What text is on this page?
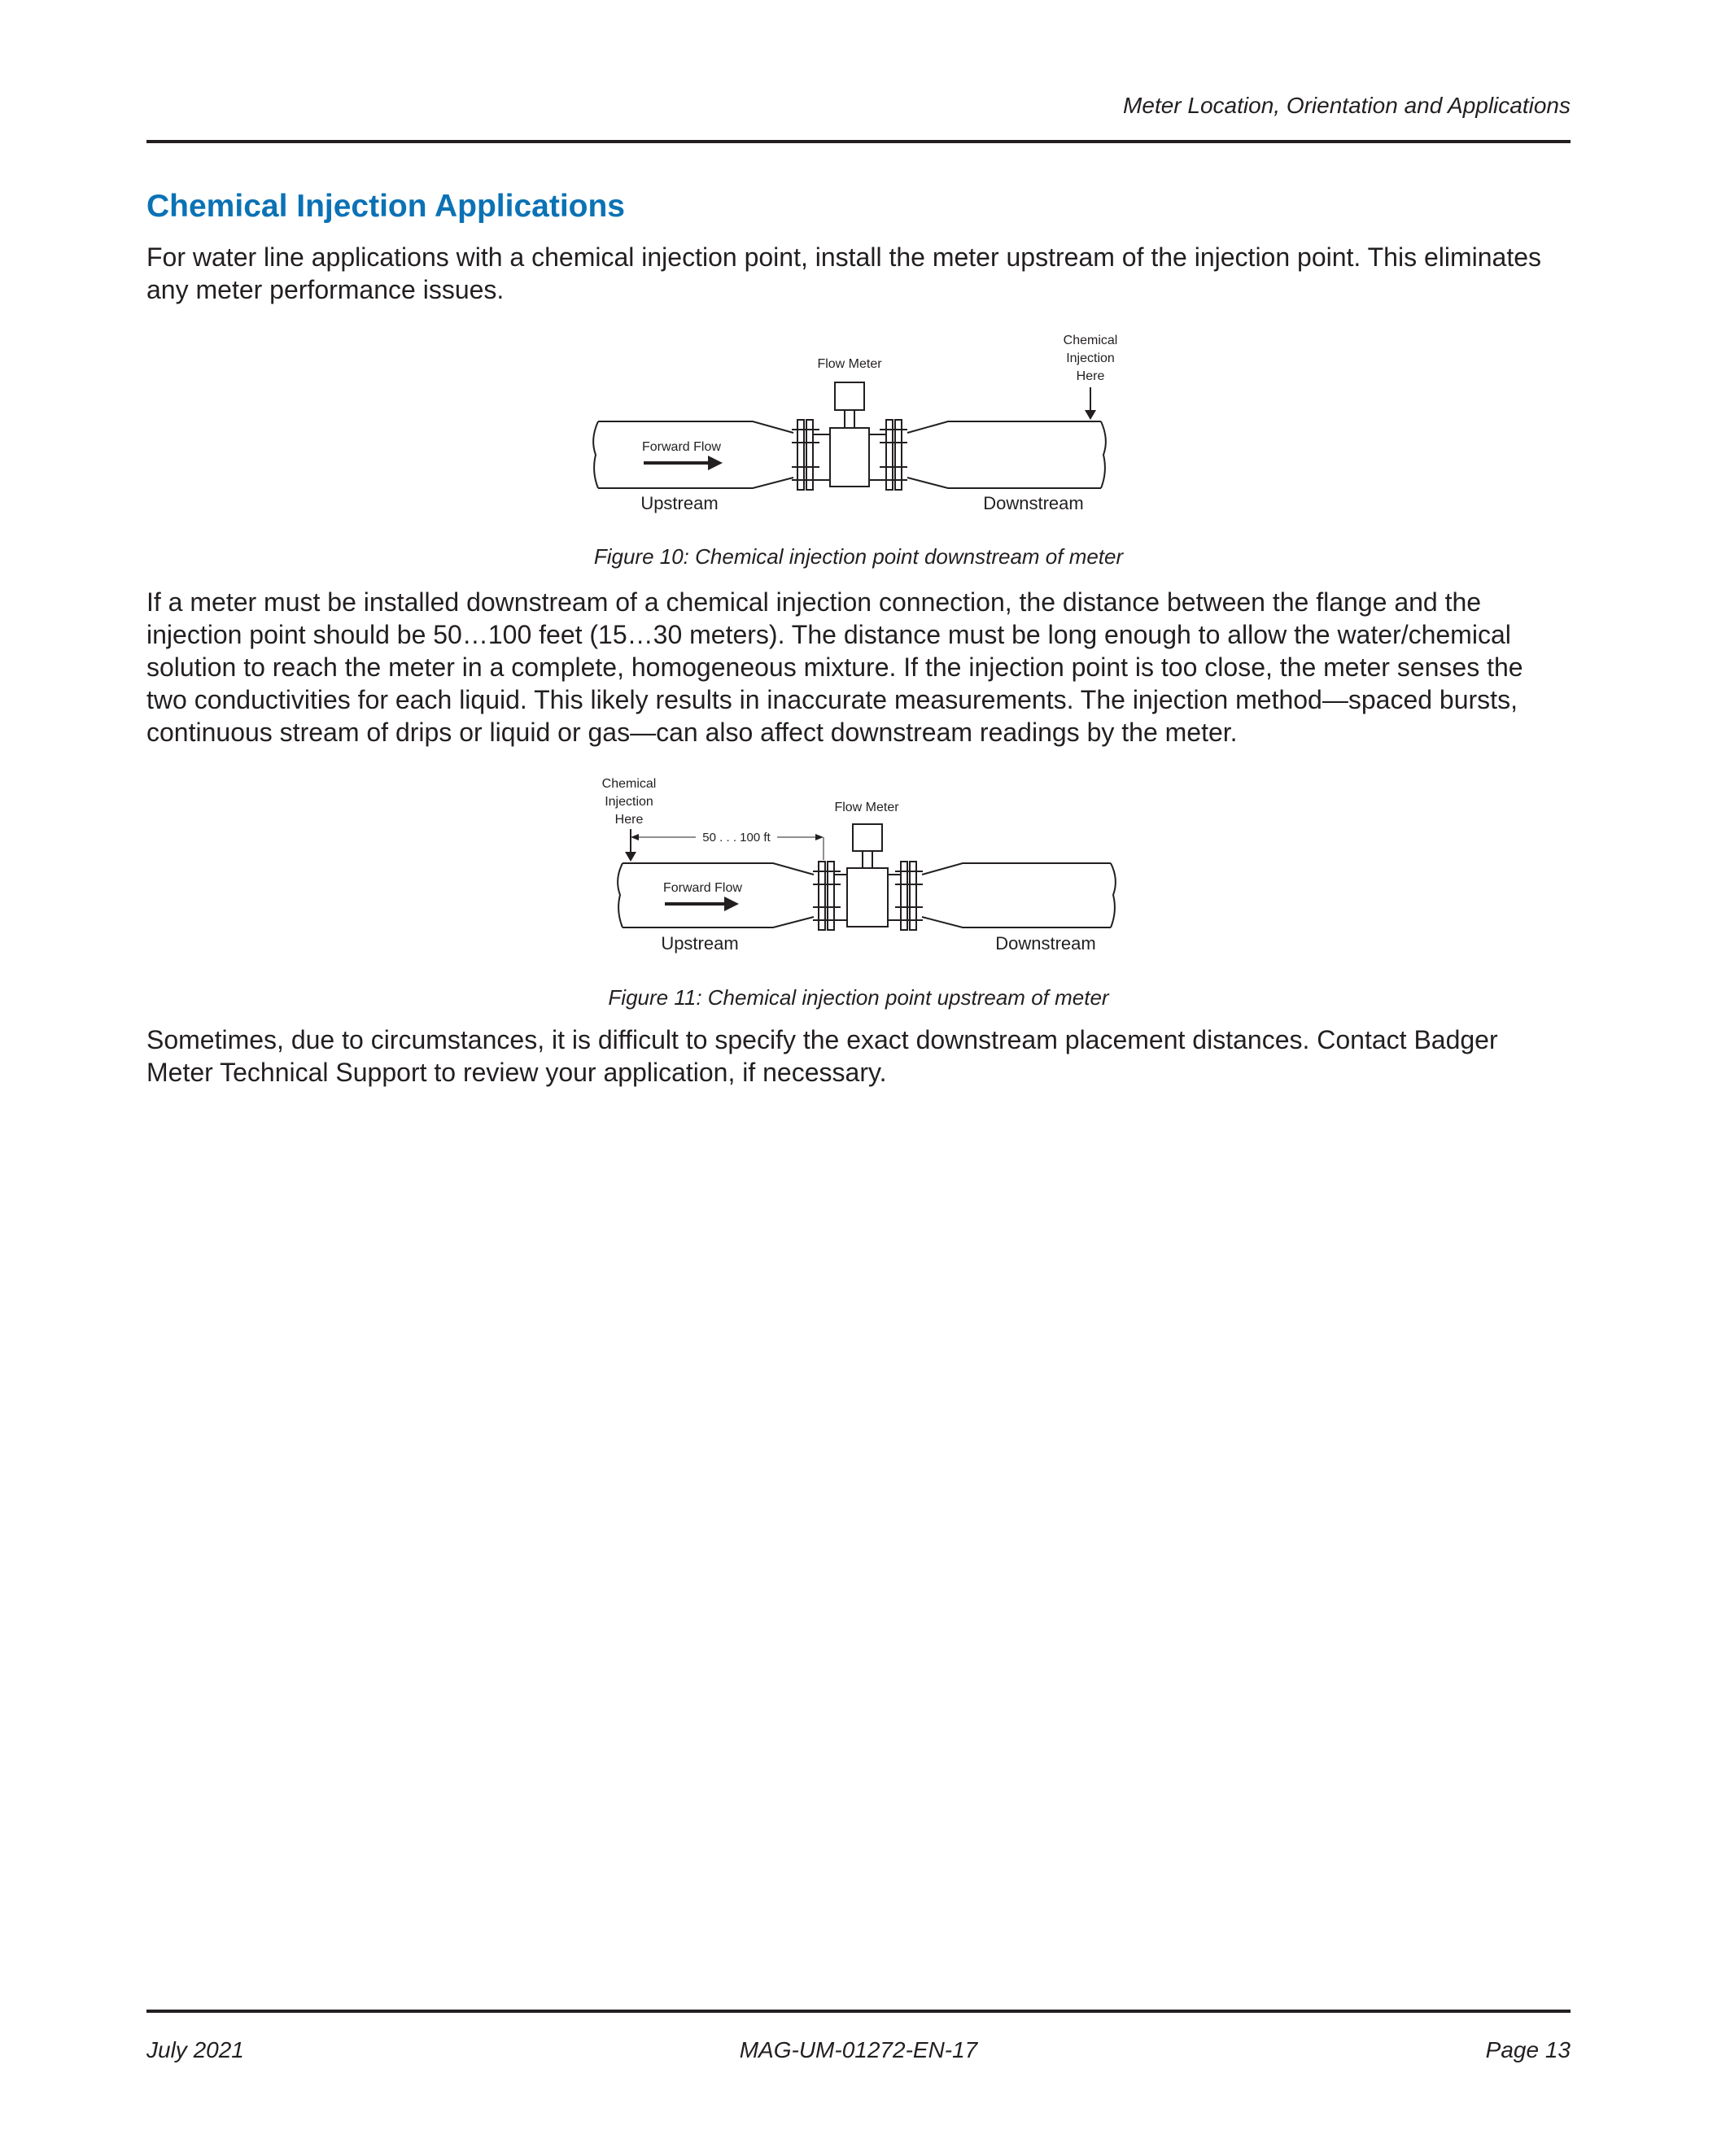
Meter Location, Orientation and Applications
Chemical Injection Applications
For water line applications with a chemical injection point, install the meter upstream of the injection point. This eliminates any meter performance issues.
Flow Meter
Chemical
Injection
Here
Forward Flow
Upstream	Downstream
Figure 10: Chemical injection point downstream of meter
If a meter must be installed downstream of a chemical injection connection, the distance between the flange and the injection point should be 50…100 feet (15…30 meters). The distance must be long enough to allow the water/chemical solution to reach the meter in a complete, homogeneous mixture. If the injection point is too close, the meter senses the two conductivities for each liquid. This likely results in inaccurate measurements. The injection method—spaced bursts, continuous stream of drips or liquid or gas—can also affect downstream readings by the meter.
Chemical
Injection
Here
50 . . . 100 ft
Flow Meter
Forward Flow
Upstream	Downstream
Figure 11: Chemical injection point upstream of meter
Sometimes, due to circumstances, it is difficult to specify the exact downstream placement distances. Contact Badger Meter Technical Support to review your application, if necessary.
July 2021	MAG-UM-01272-EN-17	Page 13
